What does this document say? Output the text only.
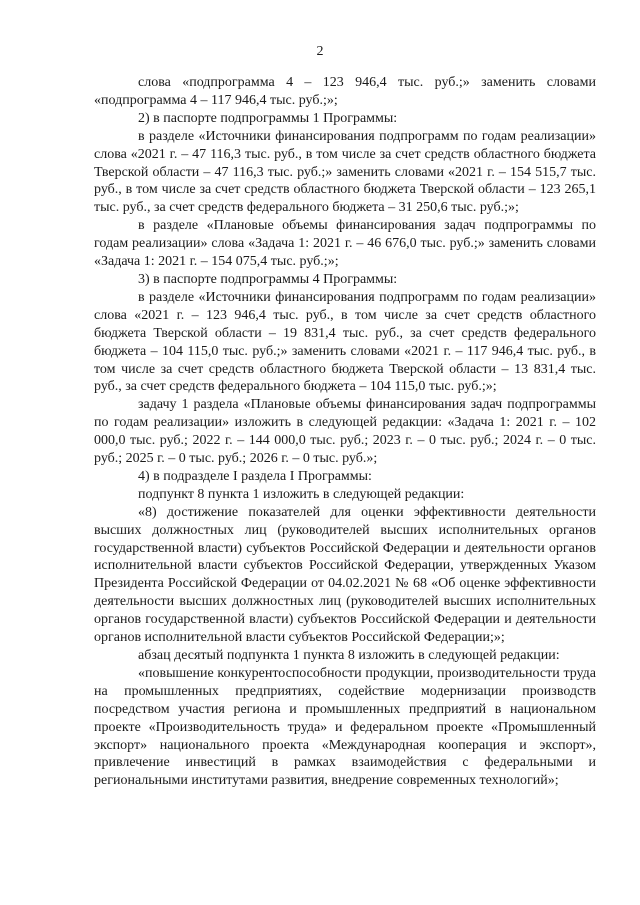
2

слова «подпрограмма 4 – 123 946,4 тыс. руб.;» заменить словами «подпрограмма 4 – 117 946,4 тыс. руб.;»;

2) в паспорте подпрограммы 1 Программы:

в разделе «Источники финансирования подпрограмм по годам реализации» слова «2021 г. – 47 116,3 тыс. руб., в том числе за счет средств областного бюджета Тверской области – 47 116,3 тыс. руб.;» заменить словами «2021 г. – 154 515,7 тыс. руб., в том числе за счет средств областного бюджета Тверской области – 123 265,1 тыс. руб., за счет средств федерального бюджета – 31 250,6 тыс. руб.;»;

в разделе «Плановые объемы финансирования задач подпрограммы по годам реализации» слова «Задача 1: 2021 г. – 46 676,0 тыс. руб.;» заменить словами «Задача 1: 2021 г. – 154 075,4 тыс. руб.;»;

3) в паспорте подпрограммы 4 Программы:

в разделе «Источники финансирования подпрограмм по годам реализации» слова «2021 г. – 123 946,4 тыс. руб., в том числе за счет средств областного бюджета Тверской области – 19 831,4 тыс. руб., за счет средств федерального бюджета – 104 115,0 тыс. руб.;» заменить словами «2021 г. – 117 946,4 тыс. руб., в том числе за счет средств областного бюджета Тверской области – 13 831,4 тыс. руб., за счет средств федерального бюджета – 104 115,0 тыс. руб.;»;

задачу 1 раздела «Плановые объемы финансирования задач подпрограммы по годам реализации» изложить в следующей редакции: «Задача 1: 2021 г. – 102 000,0 тыс. руб.; 2022 г. – 144 000,0 тыс. руб.; 2023 г. – 0 тыс. руб.; 2024 г. – 0 тыс. руб.; 2025 г. – 0 тыс. руб.; 2026 г. – 0 тыс. руб.»;

4) в подразделе I раздела I Программы:

подпункт 8 пункта 1 изложить в следующей редакции:

«8) достижение показателей для оценки эффективности деятельности высших должностных лиц (руководителей высших исполнительных органов государственной власти) субъектов Российской Федерации и деятельности органов исполнительной власти субъектов Российской Федерации, утвержденных Указом Президента Российской Федерации от 04.02.2021 № 68 «Об оценке эффективности деятельности высших должностных лиц (руководителей высших исполнительных органов государственной власти) субъектов Российской Федерации и деятельности органов исполнительной власти субъектов Российской Федерации;»;

абзац десятый подпункта 1 пункта 8 изложить в следующей редакции:

«повышение конкурентоспособности продукции, производительности труда на промышленных предприятиях, содействие модернизации производств посредством участия региона и промышленных предприятий в национальном проекте «Производительность труда» и федеральном проекте «Промышленный экспорт» национального проекта «Международная кооперация и экспорт», привлечение инвестиций в рамках взаимодействия с федеральными и региональными институтами развития, внедрение современных технологий»;
